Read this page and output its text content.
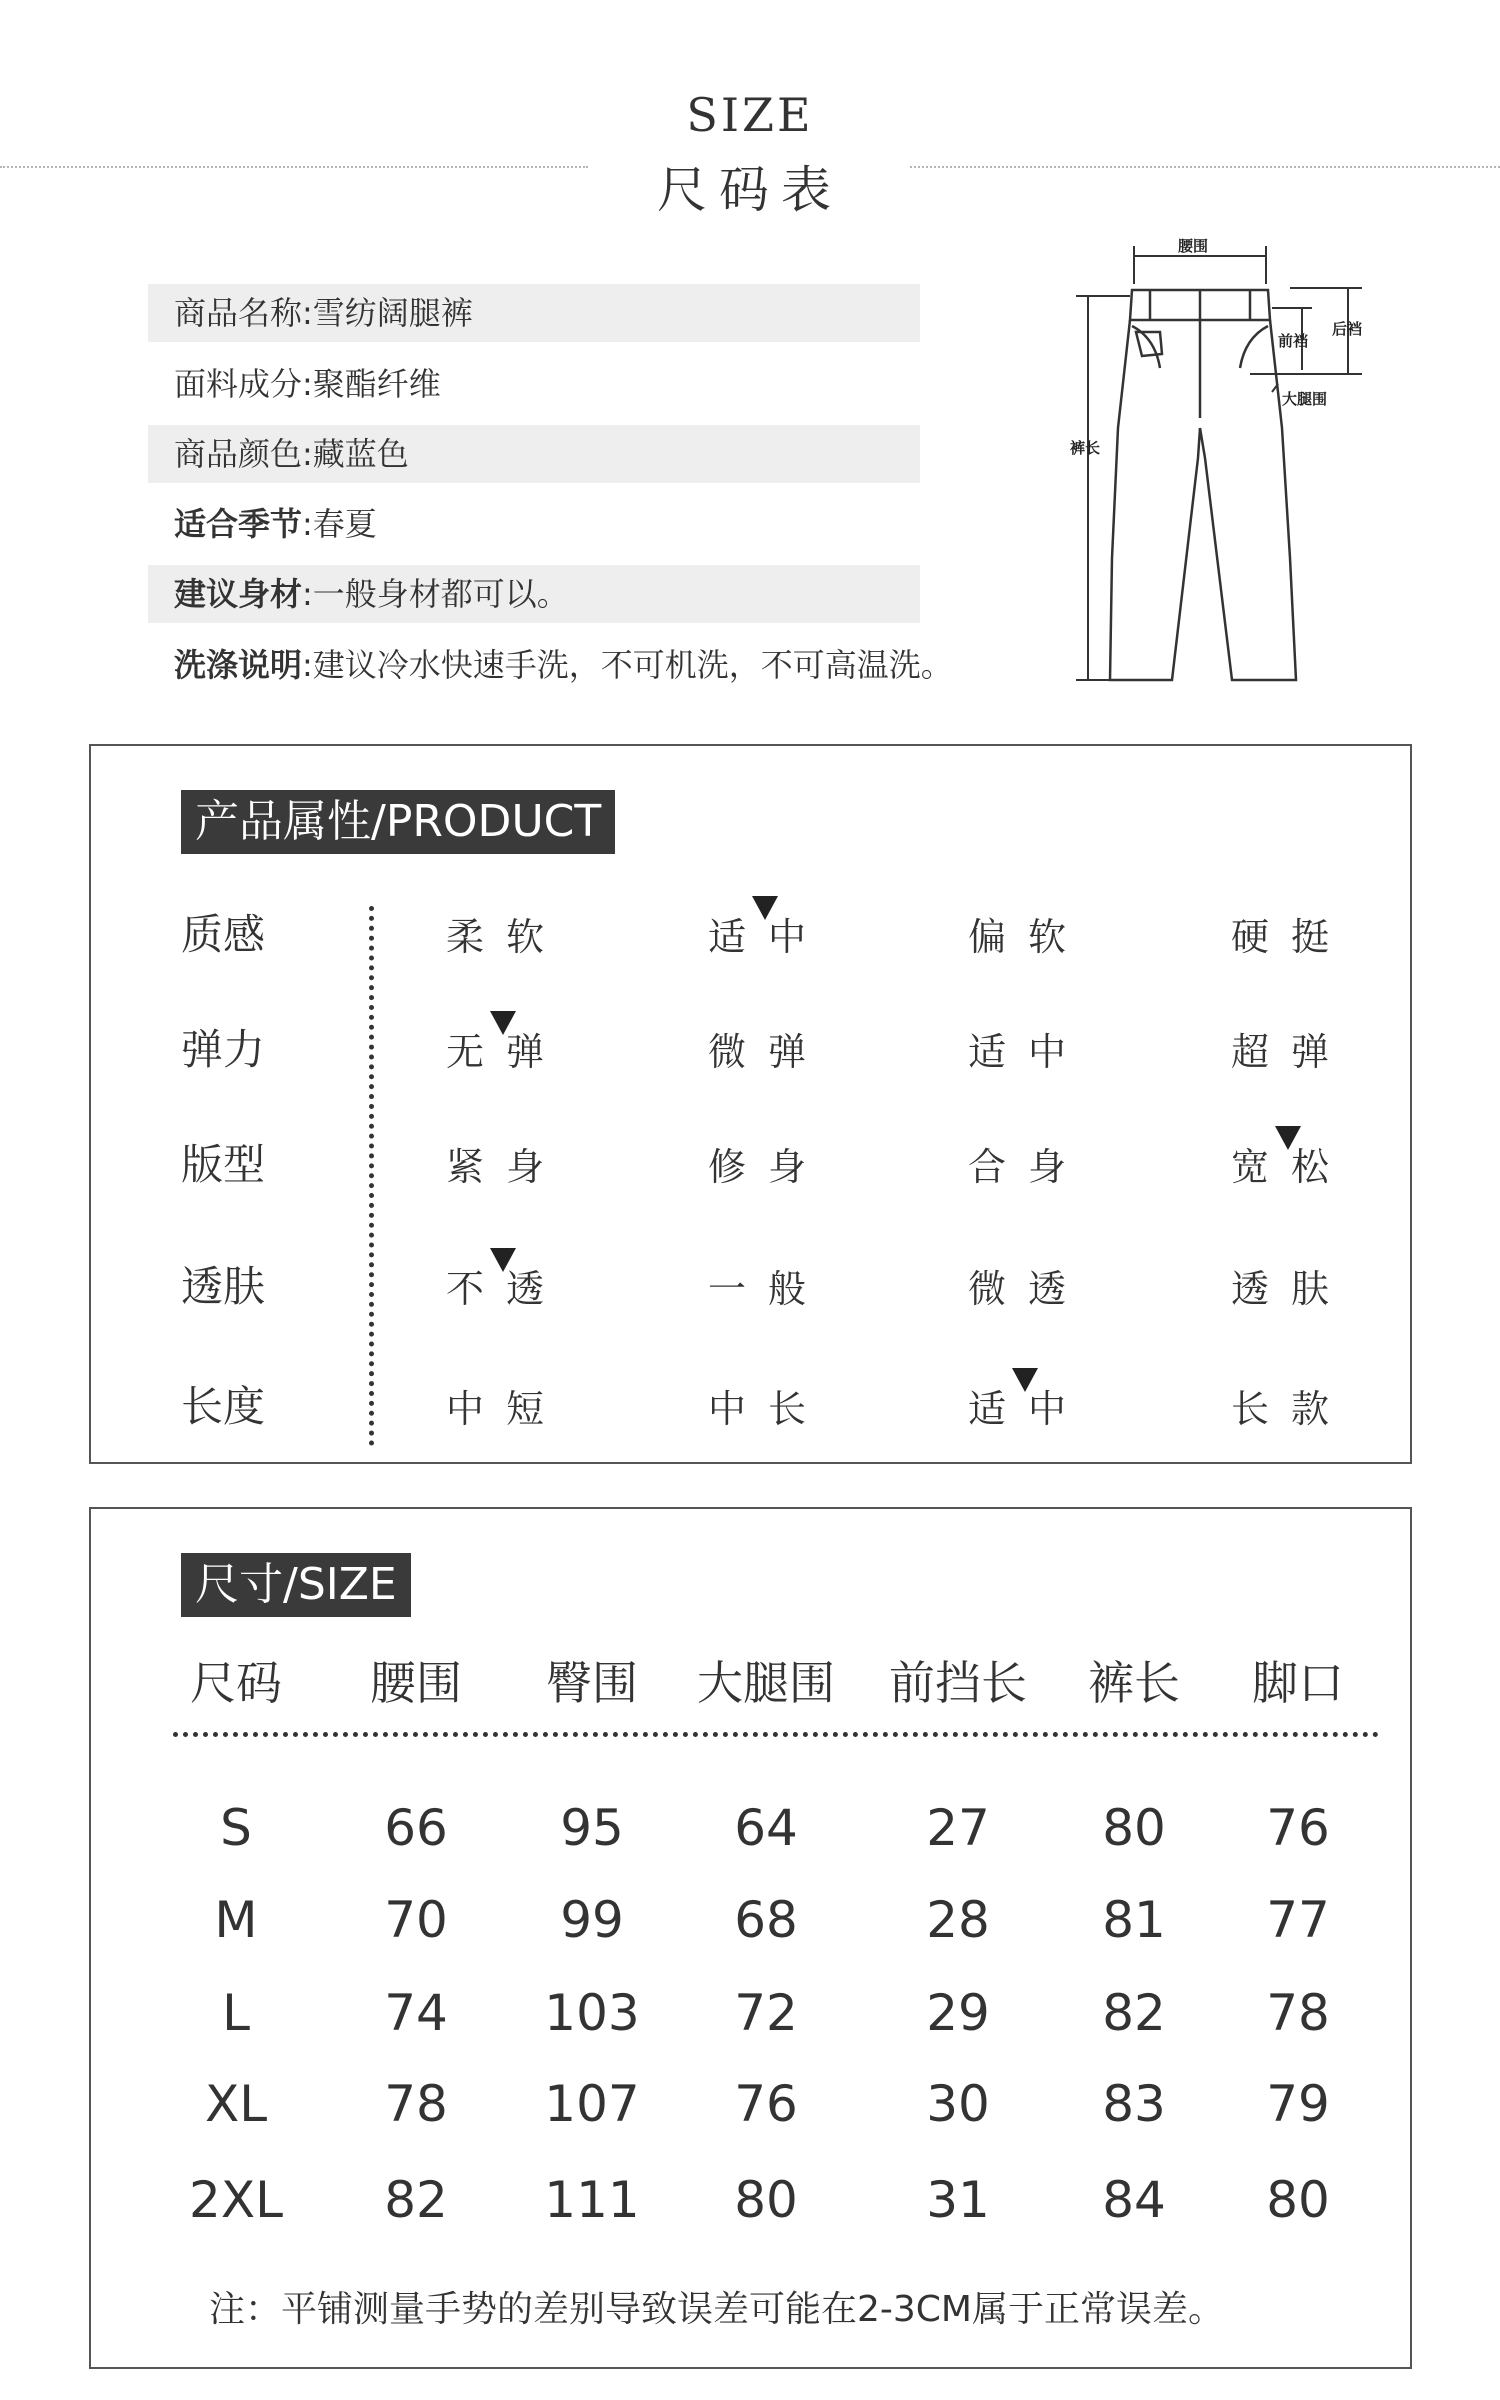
SIZE
尺码表
商品名称:雪纺阔腿裤
面料成分:聚酯纤维
商品颜色:藏蓝色
适合季节:春夏
建议身材:一般身材都可以。
洗涤说明:建议冷水快速手洗，不可机洗，不可高温洗。
腰围
前裆
后裆
大腿围
裤长
产品属性/PRODUCT
质感	柔软	适中	偏软	硬挺
弹力	无弹	微弹	适中	超弹
版型	紧身	修身	合身	宽松
透肤	不透	一般	微透	透肤
长度	中短	中长	适中	长款
尺寸/SIZE
尺码	腰围	臀围	大腿围	前挡长	裤长	脚口
S	66	95	64	27	80	76
M	70	99	68	28	81	77
L	74	103	72	29	82	78
XL	78	107	76	30	83	79
2XL	82	111	80	31	84	80
注：平铺测量手势的差别导致误差可能在2-3CM属于正常误差。
